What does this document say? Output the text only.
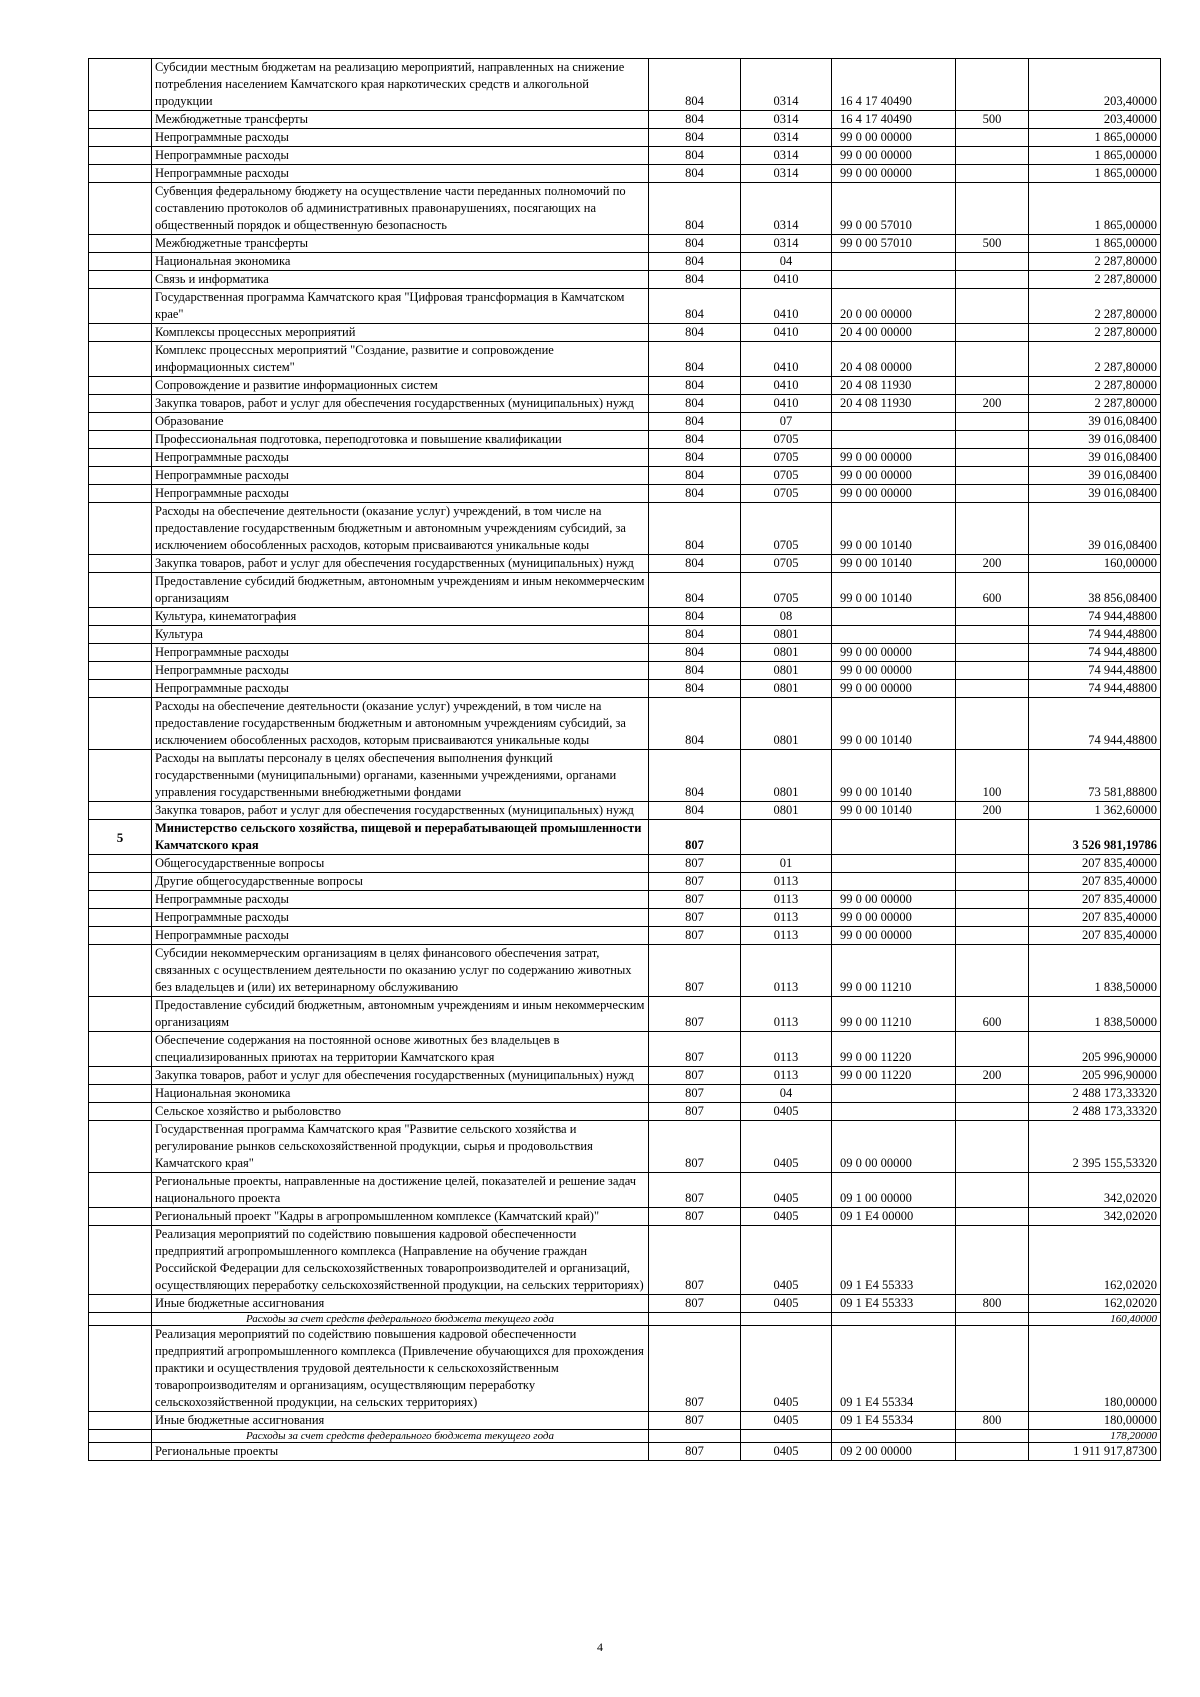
	Субсидии местным бюджетам на реализацию мероприятий, направленных на снижение потребления населением Камчатского края наркотических средств и алкогольной продукции	804	0314	16 4 17 40490		203,40000
	Межбюджетные трансферты	804	0314	16 4 17 40490	500	203,40000
	Непрограммные расходы	804	0314	99 0 00 00000		1 865,00000
	Непрограммные расходы	804	0314	99 0 00 00000		1 865,00000
	Непрограммные расходы	804	0314	99 0 00 00000		1 865,00000
	Субвенция федеральному бюджету на осуществление части переданных полномочий по составлению протоколов об административных правонарушениях, посягающих на общественный порядок и общественную безопасность	804	0314	99 0 00 57010		1 865,00000
	Межбюджетные трансферты	804	0314	99 0 00 57010	500	1 865,00000
	Национальная экономика	804	04			2 287,80000
	Связь и информатика	804	0410			2 287,80000
	Государственная программа Камчатского края "Цифровая трансформация в Камчатском крае"	804	0410	20 0 00 00000		2 287,80000
	Комплексы процессных мероприятий	804	0410	20 4 00 00000		2 287,80000
	Комплекс процессных мероприятий "Создание, развитие и сопровождение информационных систем"	804	0410	20 4 08 00000		2 287,80000
	Сопровождение и развитие информационных систем	804	0410	20 4 08 11930		2 287,80000
	Закупка товаров, работ и услуг для обеспечения государственных (муниципальных) нужд	804	0410	20 4 08 11930	200	2 287,80000
	Образование	804	07			39 016,08400
	Профессиональная подготовка, переподготовка и повышение квалификации	804	0705			39 016,08400
	Непрограммные расходы	804	0705	99 0 00 00000		39 016,08400
	Непрограммные расходы	804	0705	99 0 00 00000		39 016,08400
	Непрограммные расходы	804	0705	99 0 00 00000		39 016,08400
	Расходы на обеспечение деятельности (оказание услуг) учреждений, в том числе на предоставление государственным бюджетным и автономным учреждениям субсидий, за исключением обособленных расходов, которым присваиваются уникальные коды	804	0705	99 0 00 10140		39 016,08400
	Закупка товаров, работ и услуг для обеспечения государственных (муниципальных) нужд	804	0705	99 0 00 10140	200	160,00000
	Предоставление субсидий бюджетным, автономным учреждениям и иным некоммерческим организациям	804	0705	99 0 00 10140	600	38 856,08400
	Культура, кинематография	804	08			74 944,48800
	Культура	804	0801			74 944,48800
	Непрограммные расходы	804	0801	99 0 00 00000		74 944,48800
	Непрограммные расходы	804	0801	99 0 00 00000		74 944,48800
	Непрограммные расходы	804	0801	99 0 00 00000		74 944,48800
	Расходы на обеспечение деятельности (оказание услуг) учреждений, в том числе на предоставление государственным бюджетным и автономным учреждениям субсидий, за исключением обособленных расходов, которым присваиваются уникальные коды	804	0801	99 0 00 10140		74 944,48800
	Расходы на выплаты персоналу в целях обеспечения выполнения функций государственными (муниципальными) органами, казенными учреждениями, органами управления государственными внебюджетными фондами	804	0801	99 0 00 10140	100	73 581,88800
	Закупка товаров, работ и услуг для обеспечения государственных (муниципальных) нужд	804	0801	99 0 00 10140	200	1 362,60000
5	Министерство сельского хозяйства, пищевой и перерабатывающей промышленности Камчатского края	807				3 526 981,19786
	Общегосударственные вопросы	807	01			207 835,40000
	Другие общегосударственные вопросы	807	0113			207 835,40000
	Непрограммные расходы	807	0113	99 0 00 00000		207 835,40000
	Непрограммные расходы	807	0113	99 0 00 00000		207 835,40000
	Непрограммные расходы	807	0113	99 0 00 00000		207 835,40000
	Субсидии некоммерческим организациям в целях финансового обеспечения затрат, связанных с осуществлением деятельности по оказанию услуг по содержанию животных без владельцев и (или) их ветеринарному обслуживанию	807	0113	99 0 00 11210		1 838,50000
	Предоставление субсидий бюджетным, автономным учреждениям и иным некоммерческим организациям	807	0113	99 0 00 11210	600	1 838,50000
	Обеспечение содержания на постоянной основе животных без владельцев в специализированных приютах на территории Камчатского края	807	0113	99 0 00 11220		205 996,90000
	Закупка товаров, работ и услуг для обеспечения государственных (муниципальных) нужд	807	0113	99 0 00 11220	200	205 996,90000
	Национальная экономика	807	04			2 488 173,33320
	Сельское хозяйство и рыболовство	807	0405			2 488 173,33320
	Государственная программа Камчатского края "Развитие сельского хозяйства и регулирование рынков сельскохозяйственной продукции, сырья и продовольствия Камчатского края"	807	0405	09 0 00 00000		2 395 155,53320
	Региональные проекты, направленные на достижение целей, показателей и решение задач национального проекта	807	0405	09 1 00 00000		342,02020
	Региональный проект "Кадры в агропромышленном комплексе (Камчатский край)"	807	0405	09 1 E4 00000		342,02020
	Реализация мероприятий по содействию повышения кадровой обеспеченности предприятий агропромышленного комплекса (Направление на обучение граждан Российской Федерации для сельскохозяйственных товаропроизводителей и организаций, осуществляющих переработку сельскохозяйственной продукции, на сельских территориях)	807	0405	09 1 E4 55333		162,02020
	Иные бюджетные ассигнования	807	0405	09 1 E4 55333	800	162,02020
	Расходы за счет средств федерального бюджета текущего года					160,40000
	Реализация мероприятий по содействию повышения кадровой обеспеченности предприятий агропромышленного комплекса (Привлечение обучающихся для прохождения практики и осуществления трудовой деятельности к сельскохозяйственным товаропроизводителям и организациям, осуществляющим переработку сельскохозяйственной продукции, на сельских территориях)	807	0405	09 1 E4 55334		180,00000
	Иные бюджетные ассигнования	807	0405	09 1 E4 55334	800	180,00000
	Расходы за счет средств федерального бюджета текущего года					178,20000
	Региональные проекты	807	0405	09 2 00 00000		1 911 917,87300
4
